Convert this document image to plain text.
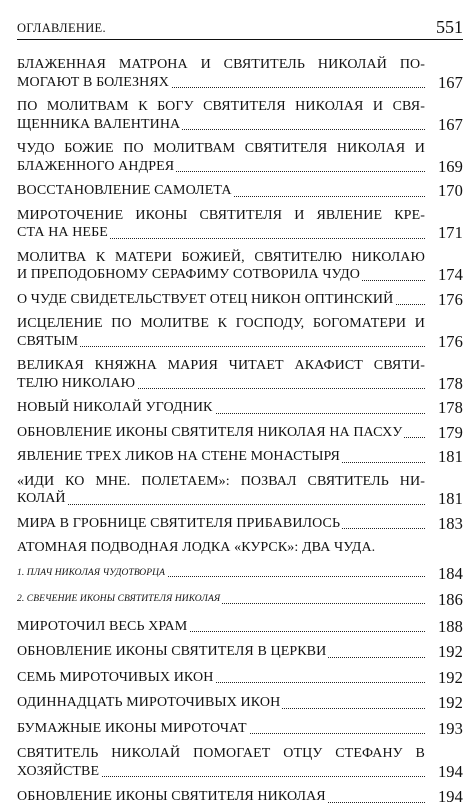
ОГЛАВЛЕНИЕ.	551
БЛАЖЕННАЯ МАТРОНА И СВЯТИТЕЛЬ НИКОЛАЙ ПО-
МОГАЮТ В БОЛЕЗНЯХ	167
ПО МОЛИТВАМ К БОГУ СВЯТИТЕЛЯ НИКОЛАЯ И СВЯ-
ЩЕННИКА ВАЛЕНТИНА	167
ЧУДО БОЖИЕ ПО МОЛИТВАМ СВЯТИТЕЛЯ НИКОЛАЯ И
БЛАЖЕННОГО АНДРЕЯ	169
ВОССТАНОВЛЕНИЕ САМОЛЕТА	170
МИРОТОЧЕНИЕ ИКОНЫ СВЯТИТЕЛЯ И ЯВЛЕНИЕ КРЕ-
СТА НА НЕБЕ	171
МОЛИТВА К МАТЕРИ БОЖИЕЙ, СВЯТИТЕЛЮ НИКОЛАЮ
И ПРЕПОДОБНОМУ СЕРАФИМУ СОТВОРИЛА ЧУДО	174
О ЧУДЕ СВИДЕТЕЛЬСТВУЕТ ОТЕЦ НИКОН ОПТИНСКИЙ	176
ИСЦЕЛЕНИЕ ПО МОЛИТВЕ К ГОСПОДУ, БОГОМАТЕРИ И
СВЯТЫМ	176
ВЕЛИКАЯ КНЯЖНА МАРИЯ ЧИТАЕТ АКАФИСТ СВЯТИ-
ТЕЛЮ НИКОЛАЮ	178
НОВЫЙ НИКОЛАЙ УГОДНИК	178
ОБНОВЛЕНИЕ ИКОНЫ СВЯТИТЕЛЯ НИКОЛАЯ НА ПАСХУ	179
ЯВЛЕНИЕ ТРЕХ ЛИКОВ НА СТЕНЕ МОНАСТЫРЯ	181
«ИДИ КО МНЕ. ПОЛЕТАЕМ»: ПОЗВАЛ СВЯТИТЕЛЬ НИ-
КОЛАЙ	181
МИРА В ГРОБНИЦЕ СВЯТИТЕЛЯ ПРИБАВИЛОСЬ	183
АТОМНАЯ ПОДВОДНАЯ ЛОДКА «КУРСК»: ДВА ЧУДА.
1. ПЛАЧ НИКОЛАЯ ЧУДОТВОРЦА	184
2. СВЕЧЕНИЕ ИКОНЫ СВЯТИТЕЛЯ НИКОЛАЯ	186
МИРОТОЧИЛ ВЕСЬ ХРАМ	188
ОБНОВЛЕНИЕ ИКОНЫ СВЯТИТЕЛЯ В ЦЕРКВИ	192
СЕМЬ МИРОТОЧИВЫХ ИКОН	192
ОДИННАДЦАТЬ МИРОТОЧИВЫХ ИКОН	192
БУМАЖНЫЕ ИКОНЫ МИРОТОЧАТ	193
СВЯТИТЕЛЬ НИКОЛАЙ ПОМОГАЕТ ОТЦУ СТЕФАНУ В
ХОЗЯЙСТВЕ	194
ОБНОВЛЕНИЕ ИКОНЫ СВЯТИТЕЛЯ НИКОЛАЯ	194
